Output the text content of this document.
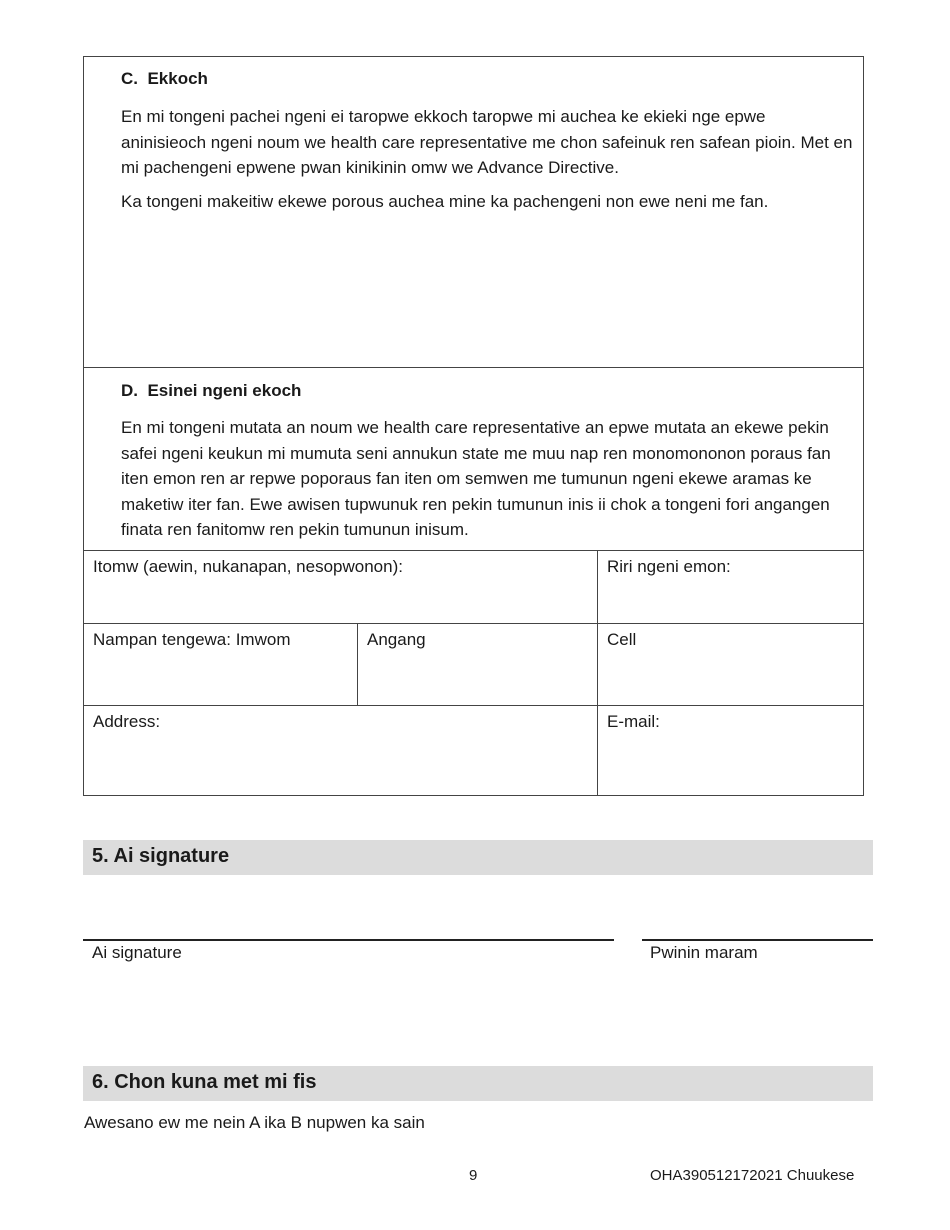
C.  Ekkoch
En mi tongeni pachei ngeni ei taropwe ekkoch taropwe mi auchea ke ekieki nge epwe aninisieoch ngeni noum we health care representative me chon safeinuk ren safean pioin. Met en mi pachengeni epwene pwan kinikinin omw we Advance Directive.
Ka tongeni makeitiw ekewe porous auchea mine ka pachengeni non ewe neni me fan.
D.  Esinei ngeni ekoch
En mi tongeni mutata an noum we health care representative an epwe mutata an ekewe pekin safei ngeni keukun mi mumuta seni annukun state me muu nap ren monomononon poraus fan iten emon ren ar repwe poporaus fan iten om semwen me tumunun ngeni ekewe aramas ke maketiw iter fan. Ewe awisen tupwunuk ren pekin tumunun inis ii chok a tongeni fori angangen finata ren fanitomw ren pekin tumunun inisum.
Itomw (aewin, nukanapan, nesopwonon):	Riri ngeni emon:
Nampan tengewa: Imwom	Angang	Cell
Address:	E-mail:
5. Ai signature
Ai signature	Pwinin maram
6. Chon kuna met mi fis
Awesano ew me nein A ika B nupwen ka sain
9	OHA390512172021 Chuukese
